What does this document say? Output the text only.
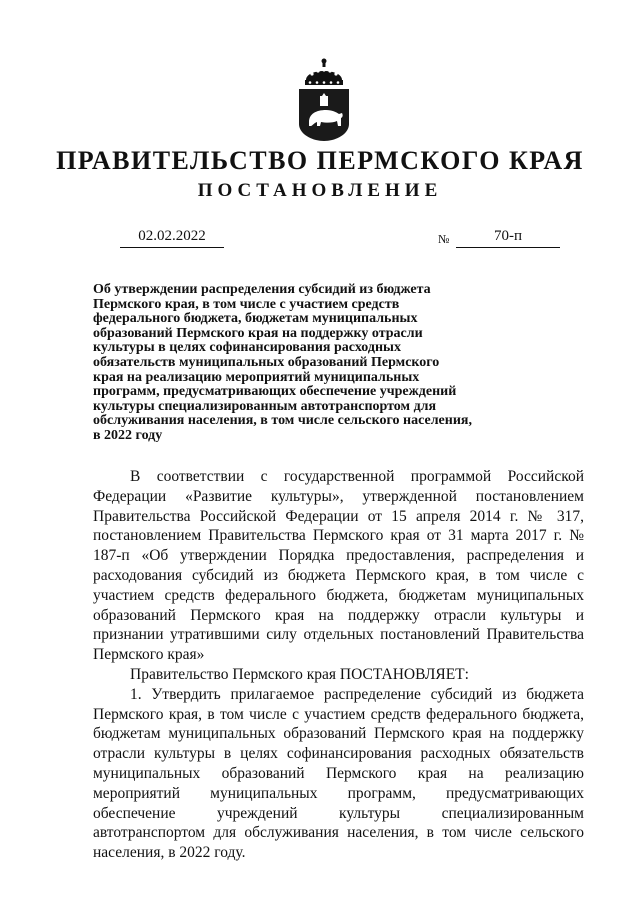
ПРАВИТЕЛЬСТВО ПЕРМСКОГО КРАЯ
ПОСТАНОВЛЕНИЕ
02.02.2022	№	70-п
Об утверждении распределения субсидий из бюджета Пермского края, в том числе с участием средств федерального бюджета, бюджетам муниципальных образований Пермского края на поддержку отрасли культуры в целях софинансирования расходных обязательств муниципальных образований Пермского края на реализацию мероприятий муниципальных программ, предусматривающих обеспечение учреждений культуры специализированным автотранспортом для обслуживания населения, в том числе сельского населения, в 2022 году

В соответствии с государственной программой Российской Федерации «Развитие культуры», утвержденной постановлением Правительства Российской Федерации от 15 апреля 2014 г. № 317, постановлением Правительства Пермского края от 31 марта 2017 г. № 187-п «Об утверждении Порядка предоставления, распределения и расходования субсидий из бюджета Пермского края, в том числе с участием средств федерального бюджета, бюджетам муниципальных образований Пермского края на поддержку отрасли культуры и признании утратившими силу отдельных постановлений Правительства Пермского края»

Правительство Пермского края ПОСТАНОВЛЯЕТ:

1. Утвердить прилагаемое распределение субсидий из бюджета Пермского края, в том числе с участием средств федерального бюджета, бюджетам муниципальных образований Пермского края на поддержку отрасли культуры в целях софинансирования расходных обязательств муниципальных образований Пермского края на реализацию мероприятий муниципальных программ, предусматривающих обеспечение учреждений культуры специализированным автотранспортом для обслуживания населения, в том числе сельского населения, в 2022 году.
